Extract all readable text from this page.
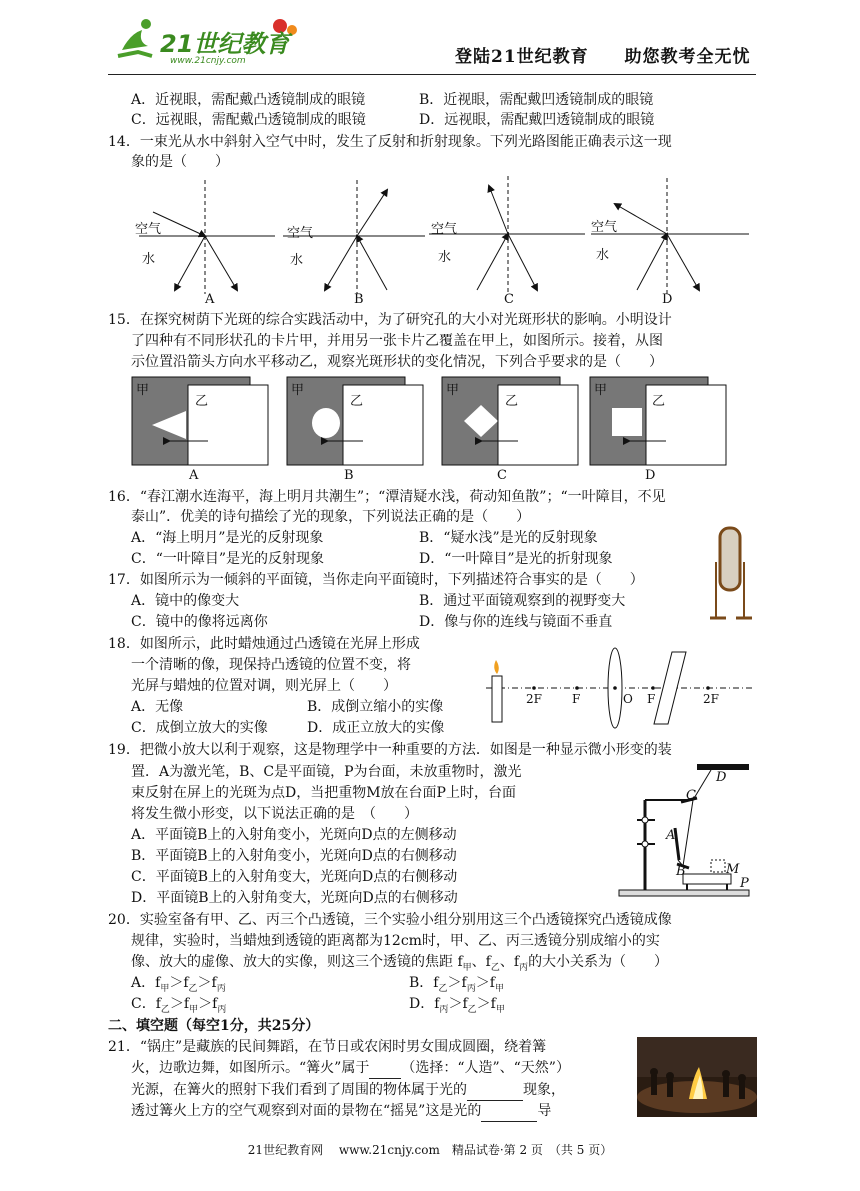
21世纪教育
www.21cnjy.com	登陆21世纪教育 助您教考全无忧
A．近视眼，需配戴凸透镜制成的眼镜	B．近视眼，需配戴凹透镜制成的眼镜
C．远视眼，需配戴凸透镜制成的眼镜	D．远视眼，需配戴凹透镜制成的眼镜
14．一束光从水中斜射入空气中时，发生了反射和折射现象。下列光路图能正确表示这一现
象的是（　　）
空气
水
空气
水
空气
水
空气
水
A	B	C	D
15．在探究树荫下光斑的综合实践活动中，为了研究孔的大小对光斑形状的影响。小明设计
了四种有不同形状孔的卡片甲，并用另一张卡片乙覆盖在甲上，如图所示。接着，从图
示位置沿箭头方向水平移动乙，观察光斑形状的变化情况，下列合乎要求的是（　　）
甲
乙
甲
乙
甲
乙
甲
乙
A	B	C	D
16．“春江潮水连海平，海上明月共潮生”；“潭清疑水浅，荷动知鱼散”；“一叶障目，不见
泰山”．优美的诗句描绘了光的现象，下列说法正确的是（　　）
A．“海上明月”是光的反射现象	B．“疑水浅”是光的反射现象
C．“一叶障目”是光的反射现象	D．“一叶障目”是光的折射现象
17．如图所示为一倾斜的平面镜，当你走向平面镜时，下列描述符合事实的是（　　）
A．镜中的像变大	B．通过平面镜观察到的视野变大
C．镜中的像将远离你	D．像与你的连线与镜面不垂直
18．如图所示，此时蜡烛通过凸透镜在光屏上形成
一个清晰的像，现保持凸透镜的位置不变，将
光屏与蜡烛的位置对调，则光屏上（　　）
A．无像	B．成倒立缩小的实像
C．成倒立放大的实像	D．成正立放大的实像
2F	F	O F	2F
19．把微小放大以利于观察，这是物理学中一种重要的方法．如图是一种显示微小形变的装
置．A为激光笔，B、C是平面镜，P为台面，未放重物时，激光
束反射在屏上的光斑为点D，当把重物M放在台面P上时，台面
将发生微小形变，以下说法正确的是　（　　）
A．平面镜B上的入射角变小，光斑向D点的左侧移动
B．平面镜B上的入射角变小，光斑向D点的右侧移动
C．平面镜B上的入射角变大，光斑向D点的右侧移动
D．平面镜B上的入射角变大，光斑向D点的右侧移动
D
C
A
B	M
P
20．实验室备有甲、乙、丙三个凸透镜，三个实验小组分别用这三个凸透镜探究凸透镜成像
规律，实验时，当蜡烛到透镜的距离都为12cm时，甲、乙、丙三透镜分别成缩小的实
像、放大的虚像、放大的实像，则这三个透镜的焦距 $f_甲$、$f_乙$、$f_丙$的大小关系为（　　）
A．$f_甲>f_乙>f_丙$	B．$f_乙>f_丙>f_甲$
C．$f_乙>f_甲>f_丙$	D．$f_丙>f_乙>f_甲$
二、填空题（每空1分，共25分）
21．“锅庄”是藏族的民间舞蹈，在节日或农闲时男女围成圆圈，绕着篝
火，边歌边舞，如图所示。“篝火”属于 （选择：“人造”、“天然”）
光源，在篝火的照射下我们看到了周围的物体属于光的	现象，
透过篝火上方的空气观察到对面的景物在“摇晃”这是光的	导
21世纪教育网　 www.21cnjy.com　精品试卷·第 2 页　（共 5 页）
